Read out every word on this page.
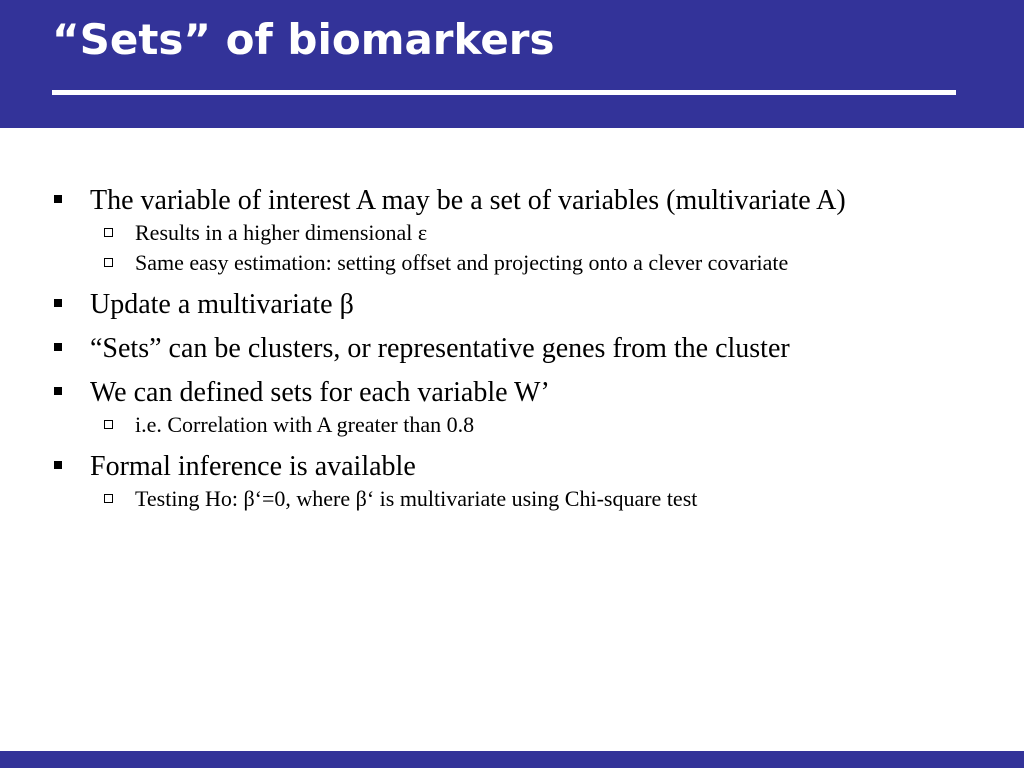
“Sets” of biomarkers
The variable of interest A may be a set of variables (multivariate A)
Results in a higher dimensional ε
Same easy estimation: setting offset and projecting onto a clever covariate
Update a multivariate β
“Sets” can be clusters, or representative genes from the cluster
We can defined sets for each variable W’
i.e. Correlation with A greater than 0.8
Formal inference is available
Testing Ho: β‘=0, where β‘ is multivariate using Chi-square test
